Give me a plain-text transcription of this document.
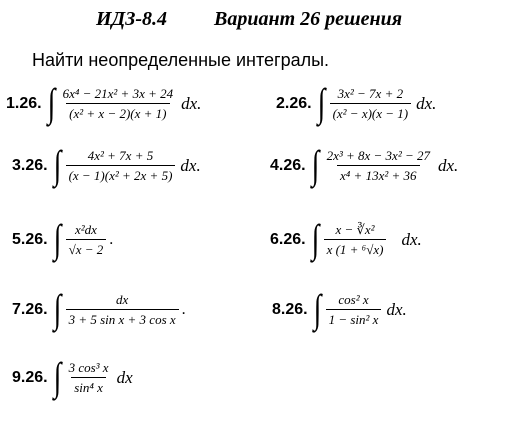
ИДЗ-8.4 Вариант 26 решения
Найти неопределенные интегралы.
1.26. ∫ $\frac{\text{6x⁴ − 21x² + 3x + 24}}{\text{(x² + x − 2)(x + 1)}}$ dx.	2.26. ∫ $\frac{\text{3x² − 7x + 2}}{\text{(x² − x)(x − 1)}}$ dx.
3.26. ∫ $\frac{\text{4x² + 7x + 5}}{\text{(x − 1)(x² + 2x + 5)}}$ dx.	4.26. ∫ $\frac{\text{2x³ + 8x − 3x² − 27}}{\text{x⁴ + 13x² + 36}}$ dx.
5.26. ∫ $\frac{\text{x²dx}}{√x - 2}$ .	6.26. ∫ $\frac{\text{x − ∛x²}}{\text{x (1 + ⁶√x)}}$ dx.
7.26. ∫ $\frac{dx}{\text{3 + 5 sin x + 3 cos x}}$ .	8.26. ∫ $\frac{\text{cos² x}}{\text{1 − sin² x}}$ dx.
9.26. ∫ $\frac{\text{3 cos³ x}}{\text{sin⁴ x}}$ dx
